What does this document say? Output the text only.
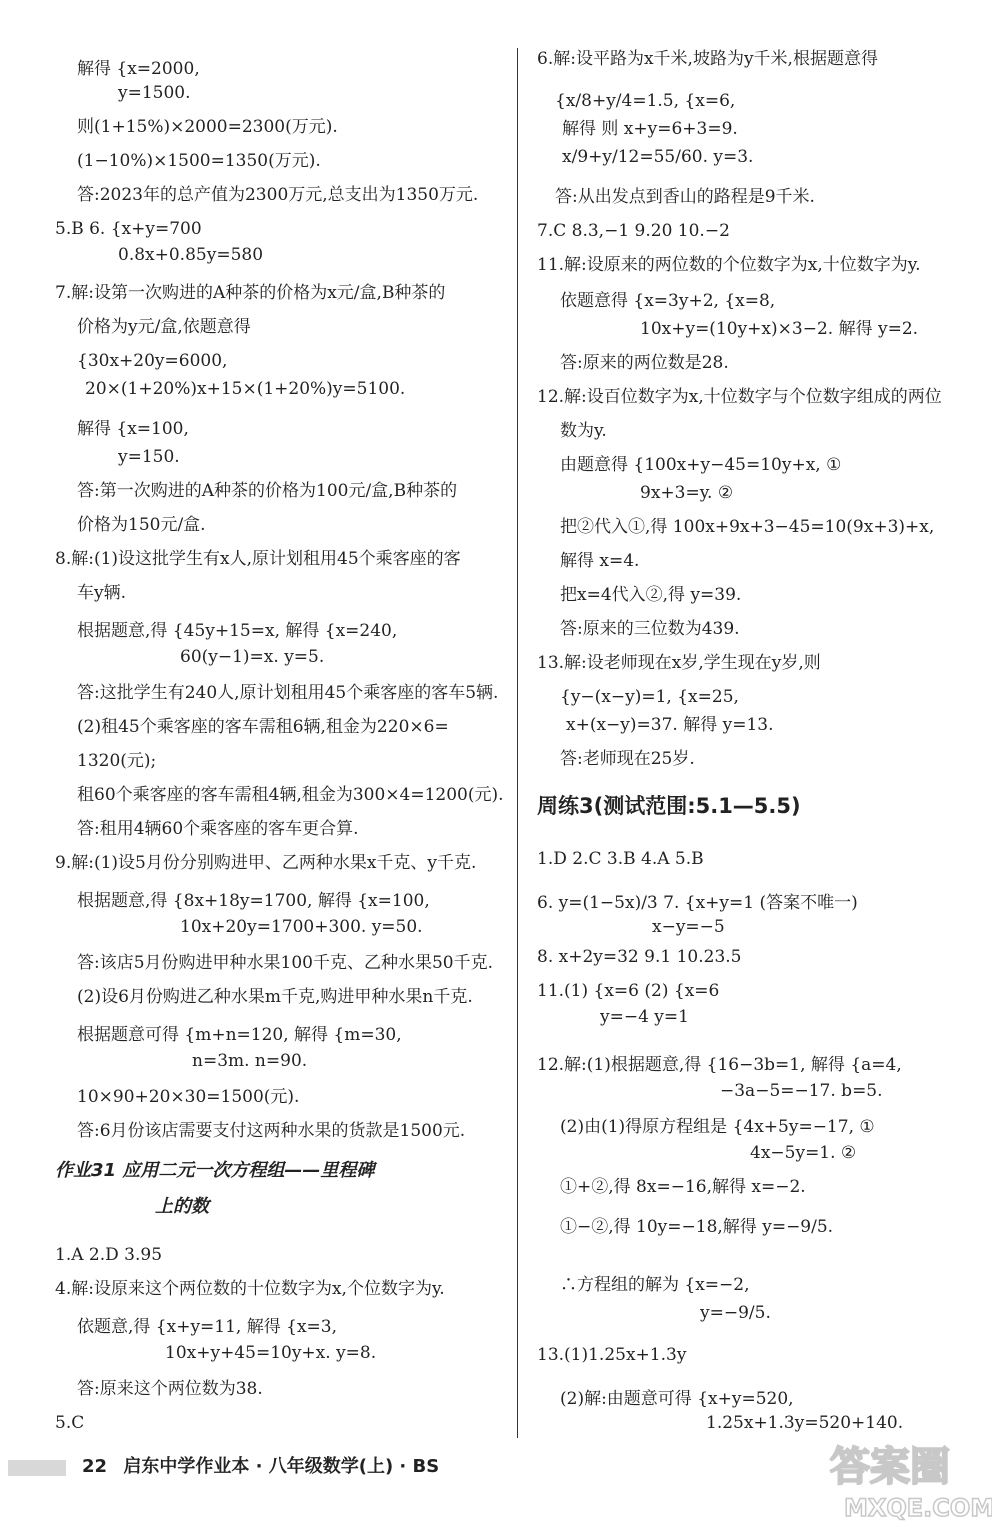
解得 {x=2000,
y=1500.
则(1+15%)×2000=2300(万元).
(1−10%)×1500=1350(万元).
答:2023年的总产值为2300万元,总支出为1350万元.
5.B 6. {x+y=700
0.8x+0.85y=580
7.解:设第一次购进的A种茶的价格为x元/盒,B种茶的
价格为y元/盒,依题意得
{30x+20y=6000,
20×(1+20%)x+15×(1+20%)y=5100.
解得 {x=100,
y=150.
答:第一次购进的A种茶的价格为100元/盒,B种茶的
价格为150元/盒.
8.解:(1)设这批学生有x人,原计划租用45个乘客座的客
车y辆.
根据题意,得 {45y+15=x, 解得 {x=240,
60(y−1)=x. y=5.
答:这批学生有240人,原计划租用45个乘客座的客车5辆.
(2)租45个乘客座的客车需租6辆,租金为220×6=
1320(元);
租60个乘客座的客车需租4辆,租金为300×4=1200(元).
答:租用4辆60个乘客座的客车更合算.
9.解:(1)设5月份分别购进甲、乙两种水果x千克、y千克.
根据题意,得 {8x+18y=1700, 解得 {x=100,
10x+20y=1700+300. y=50.
答:该店5月份购进甲种水果100千克、乙种水果50千克.
(2)设6月份购进乙种水果m千克,购进甲种水果n千克.
根据题意可得 {m+n=120, 解得 {m=30,
n=3m. n=90.
10×90+20×30=1500(元).
答:6月份该店需要支付这两种水果的货款是1500元.
1.A 2.D 3.95
4.解:设原来这个两位数的十位数字为x,个位数字为y.
依题意,得 {x+y=11, 解得 {x=3,
10x+y+45=10y+x. y=8.
答:原来这个两位数为38.
5.C
6.解:设平路为x千米,坡路为y千米,根据题意得
{x/8+y/4=1.5, {x=6,
解得 则 x+y=6+3=9.
x/9+y/12=55/60. y=3.
答:从出发点到香山的路程是9千米.
7.C 8.3,−1 9.20 10.−2
11.解:设原来的两位数的个位数字为x,十位数字为y.
依题意得 {x=3y+2, {x=8,
10x+y=(10y+x)×3−2. 解得 y=2.
答:原来的两位数是28.
12.解:设百位数字为x,十位数字与个位数字组成的两位
数为y.
由题意得 {100x+y−45=10y+x, ①
9x+3=y. ②
把②代入①,得 100x+9x+3−45=10(9x+3)+x,
解得 x=4.
把x=4代入②,得 y=39.
答:原来的三位数为439.
13.解:设老师现在x岁,学生现在y岁,则
{y−(x−y)=1, {x=25,
x+(x−y)=37. 解得 y=13.
答:老师现在25岁.
1.D 2.C 3.B 4.A 5.B
6. y=(1−5x)/3 7. {x+y=1 (答案不唯一)
x−y=−5
8. x+2y=32 9.1 10.23.5
11.(1) {x=6 (2) {x=6
y=−4 y=1
12.解:(1)根据题意,得 {16−3b=1, 解得 {a=4,
−3a−5=−17. b=5.
(2)由(1)得原方程组是 {4x+5y=−17, ①
4x−5y=1. ②
①+②,得 8x=−16,解得 x=−2.
①−②,得 10y=−18,解得 y=−9/5.
∴方程组的解为 {x=−2,
y=−9/5.
13.(1)1.25x+1.3y
(2)解:由题意可得 {x+y=520,
1.25x+1.3y=520+140.
作业31 应用二元一次方程组——里程碑
上的数
周练3(测试范围:5.1—5.5)
22 启东中学作业本 · 八年级数学(上) · BS	答案圈
MXQE.COM
